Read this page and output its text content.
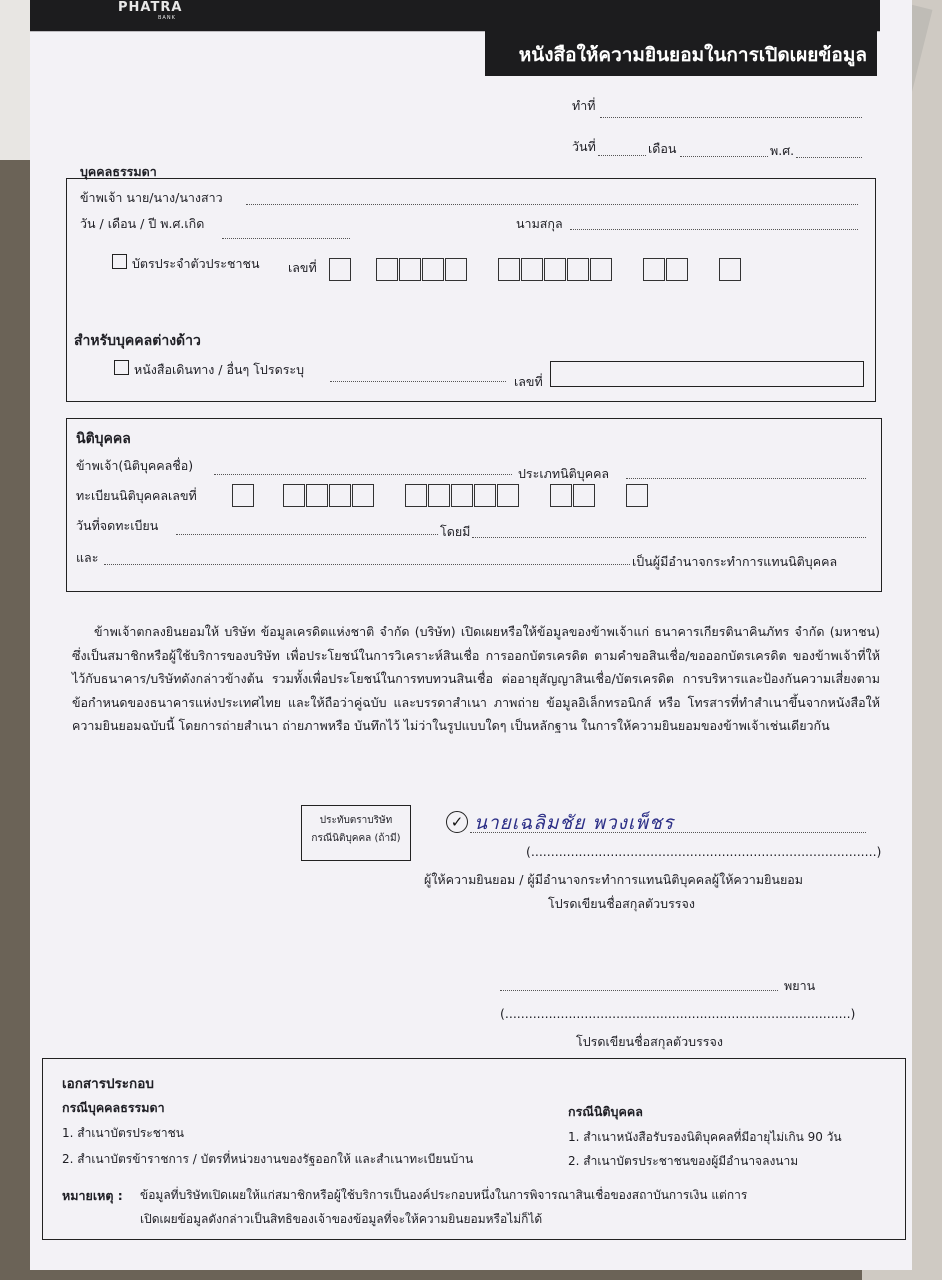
PHATRA
BANK
หนังสือให้ความยินยอมในการเปิดเผยข้อมูล
ทำที่
วันที่	เดือน	พ.ศ.
บุคคลธรรมดา
ข้าพเจ้า นาย/นาง/นางสาว
วัน / เดือน / ปี พ.ศ.เกิด	นามสกุล
บัตรประจำตัวประชาชน เลขที่
สำหรับบุคคลต่างด้าว
หนังสือเดินทาง / อื่นๆ โปรดระบุ
เลขที่
นิติบุคคล
ข้าพเจ้า(นิติบุคคลชื่อ)
ประเภทนิติบุคคล
ทะเบียนนิติบุคคลเลขที่
วันที่จดทะเบียน	โดยมี
และ	เป็นผู้มีอำนาจกระทำการแทนนิติบุคคล
ข้าพเจ้าตกลงยินยอมให้ บริษัท ข้อมูลเครดิตแห่งชาติ จำกัด (บริษัท) เปิดเผยหรือให้ข้อมูลของข้าพเจ้าแก่ ธนาคารเกียรตินาคินภัทร จำกัด (มหาชน) ซึ่งเป็นสมาชิกหรือผู้ใช้บริการของบริษัท เพื่อประโยชน์ในการวิเคราะห์สินเชื่อ การออกบัตรเครดิต ตามคำขอสินเชื่อ/ขอออกบัตรเครดิต ของข้าพเจ้าที่ให้ไว้กับธนาคาร/บริษัทดังกล่าวข้างต้น รวมทั้งเพื่อประโยชน์ในการทบทวนสินเชื่อ ต่ออายุสัญญาสินเชื่อ/บัตรเครดิต การบริหารและป้องกันความเสี่ยงตามข้อกำหนดของธนาคารแห่งประเทศไทย และให้ถือว่าคู่ฉบับ และบรรดาสำเนา ภาพถ่าย ข้อมูลอิเล็กทรอนิกส์ หรือ โทรสารที่ทำสำเนาขึ้นจากหนังสือให้ความยินยอมฉบับนี้ โดยการถ่ายสำเนา ถ่ายภาพหรือ บันทึกไว้ ไม่ว่าในรูปแบบใดๆ เป็นหลักฐาน ในการให้ความยินยอมของข้าพเจ้าเช่นเดียวกัน
ประทับตราบริษัท
กรณีนิติบุคคล (ถ้ามี)
✓ นายเฉลิมชัย พวงเพ็ชร
(.......................................................................................)
ผู้ให้ความยินยอม / ผู้มีอำนาจกระทำการแทนนิติบุคคลผู้ให้ความยินยอม
โปรดเขียนชื่อสกุลตัวบรรจง
พยาน
(.......................................................................................)
โปรดเขียนชื่อสกุลตัวบรรจง
เอกสารประกอบ
กรณีบุคคลธรรมดา
1. สำเนาบัตรประชาชน
2. สำเนาบัตรข้าราชการ / บัตรที่หน่วยงานของรัฐออกให้ และสำเนาทะเบียนบ้าน
กรณีนิติบุคคล
1. สำเนาหนังสือรับรองนิติบุคคลที่มีอายุไม่เกิน 90 วัน
2. สำเนาบัตรประชาชนของผู้มีอำนาจลงนาม
หมายเหตุ : ข้อมูลที่บริษัทเปิดเผยให้แก่สมาชิกหรือผู้ใช้บริการเป็นองค์ประกอบหนึ่งในการพิจารณาสินเชื่อของสถาบันการเงิน แต่การ
เปิดเผยข้อมูลดังกล่าวเป็นสิทธิของเจ้าของข้อมูลที่จะให้ความยินยอมหรือไม่ก็ได้
